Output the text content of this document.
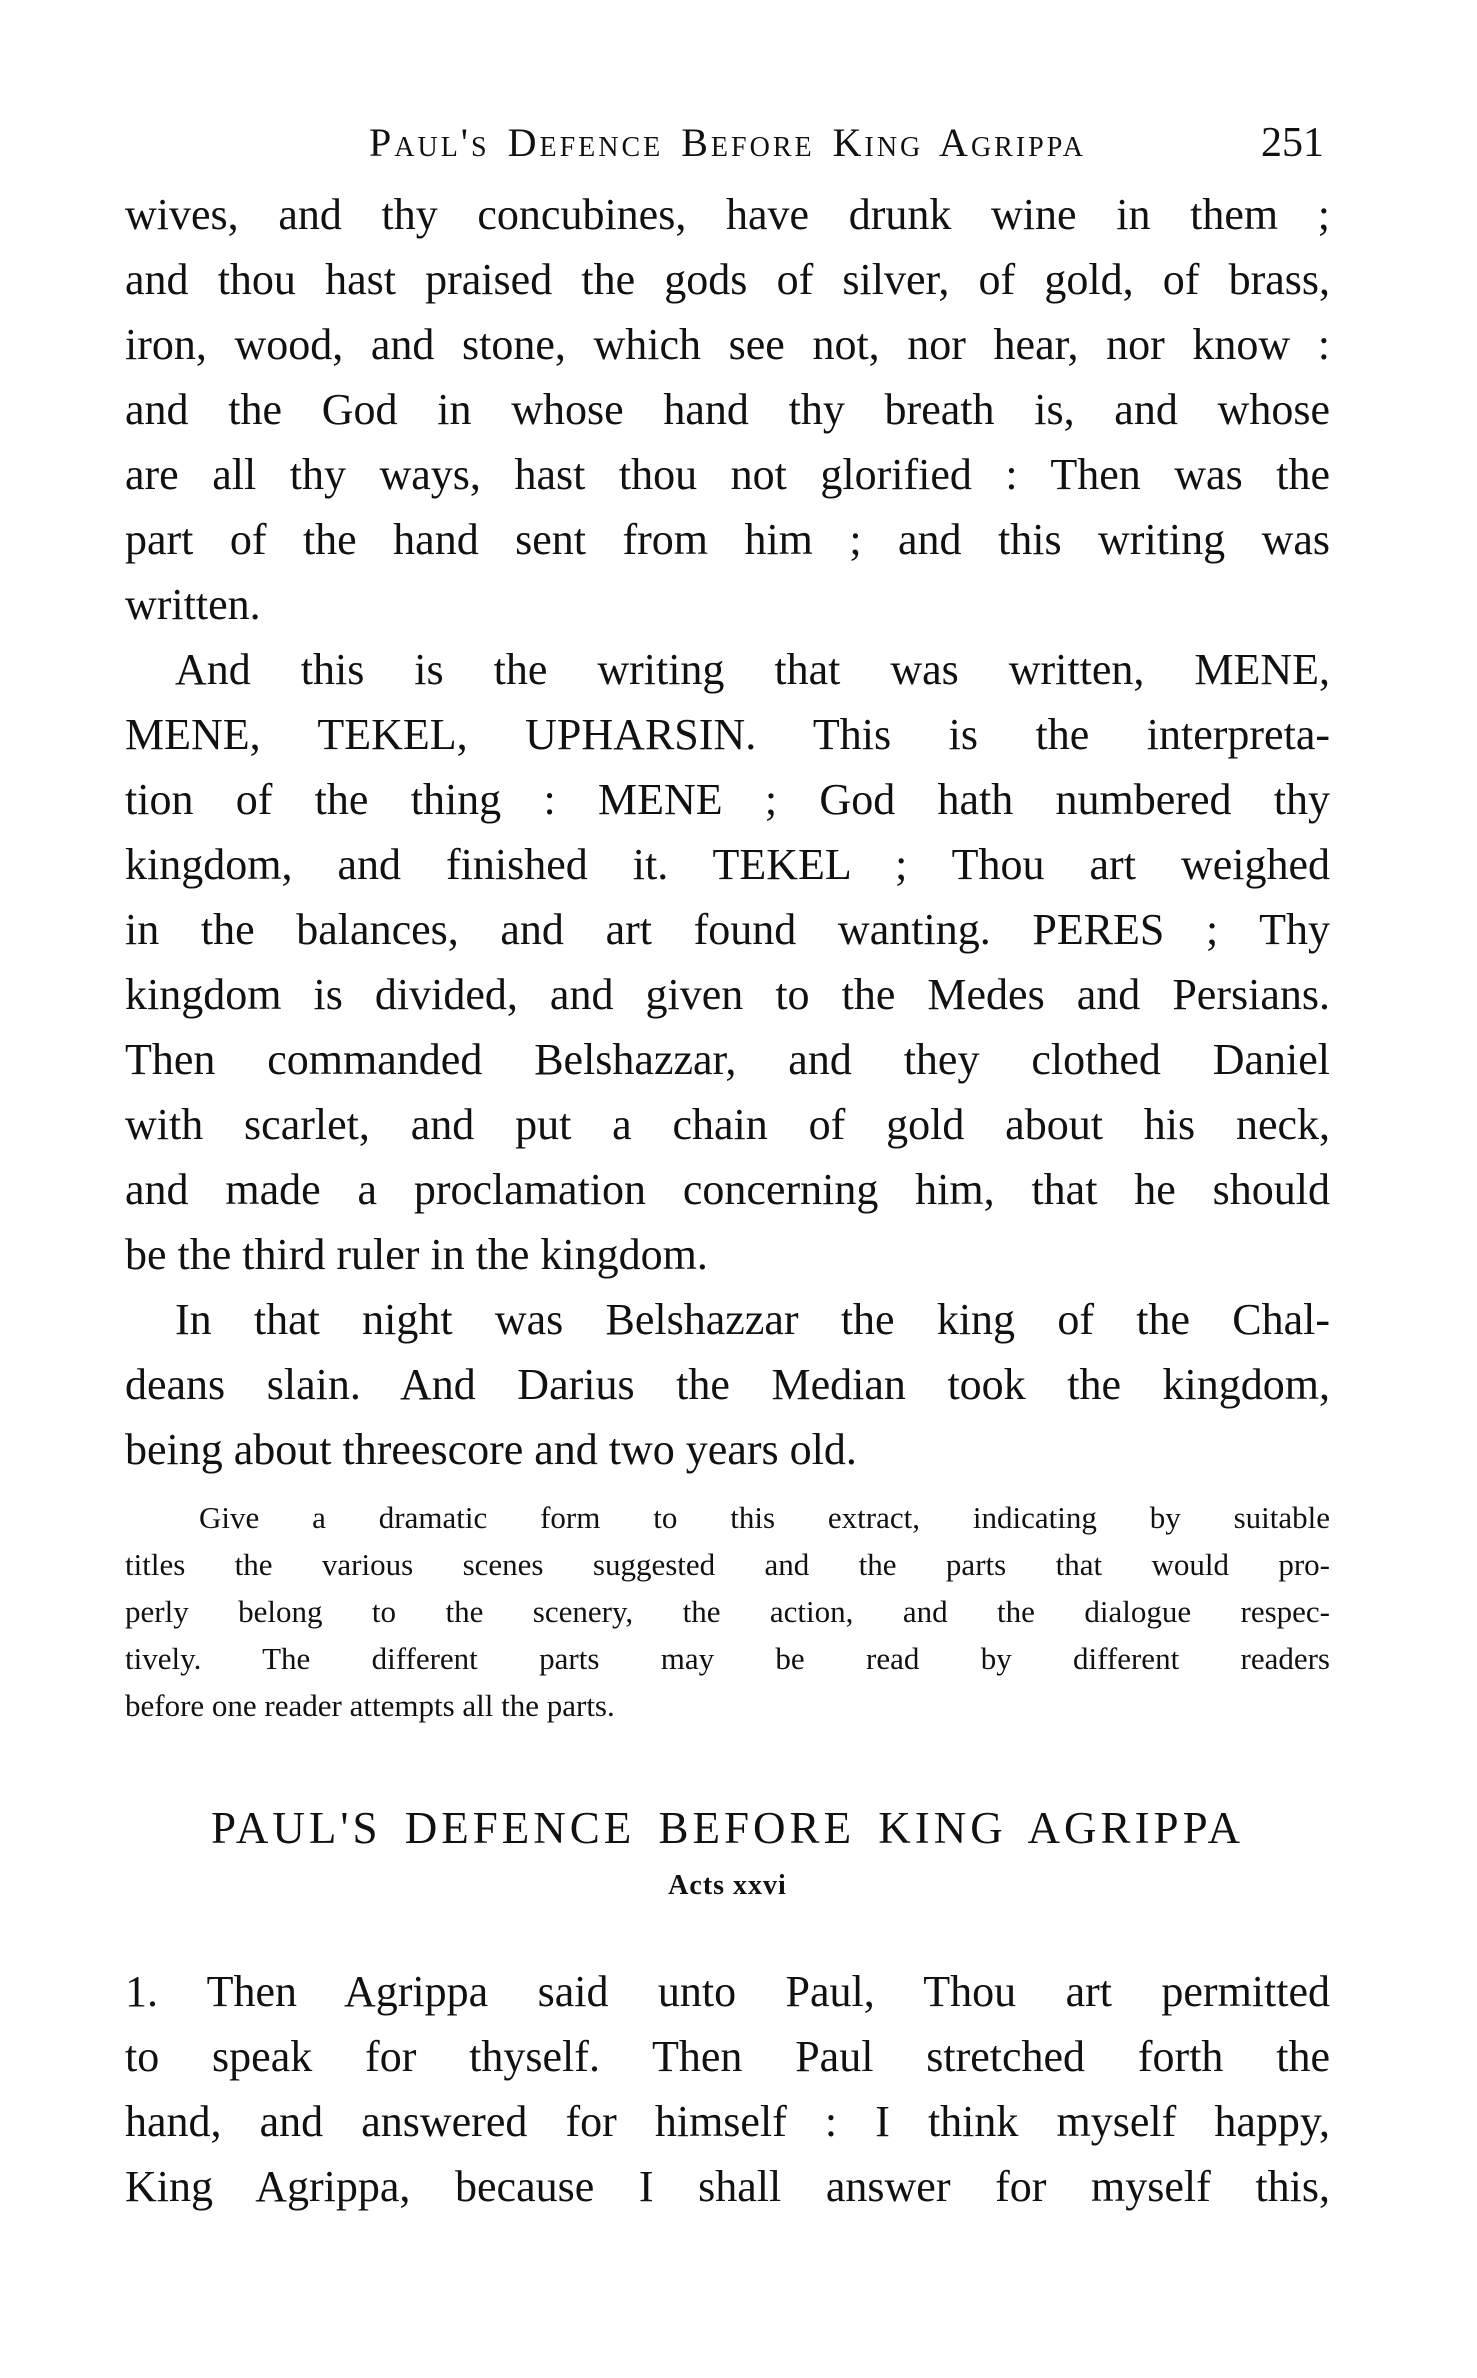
Paul's Defence Before King Agrippa	251
wives, and thy concubines, have drunk wine in them ;
and thou hast praised the gods of silver, of gold, of brass,
iron, wood, and stone, which see not, nor hear, nor know :
and the God in whose hand thy breath is, and whose
are all thy ways, hast thou not glorified : Then was the
part of the hand sent from him ; and this writing was
written.
And this is the writing that was written, MENE,
MENE, TEKEL, UPHARSIN. This is the interpreta-
tion of the thing : MENE ; God hath numbered thy
kingdom, and finished it. TEKEL ; Thou art weighed
in the balances, and art found wanting. PERES ; Thy
kingdom is divided, and given to the Medes and Persians.
Then commanded Belshazzar, and they clothed Daniel
with scarlet, and put a chain of gold about his neck,
and made a proclamation concerning him, that he should
be the third ruler in the kingdom.
In that night was Belshazzar the king of the Chal-
deans slain. And Darius the Median took the kingdom,
being about threescore and two years old.
Give a dramatic form to this extract, indicating by suitable
titles the various scenes suggested and the parts that would pro-
perly belong to the scenery, the action, and the dialogue respec-
tively. The different parts may be read by different readers
before one reader attempts all the parts.
PAUL'S DEFENCE BEFORE KING AGRIPPA
Acts xxvi
1. Then Agrippa said unto Paul, Thou art permitted
to speak for thyself. Then Paul stretched forth the
hand, and answered for himself : I think myself happy,
King Agrippa, because I shall answer for myself this,
